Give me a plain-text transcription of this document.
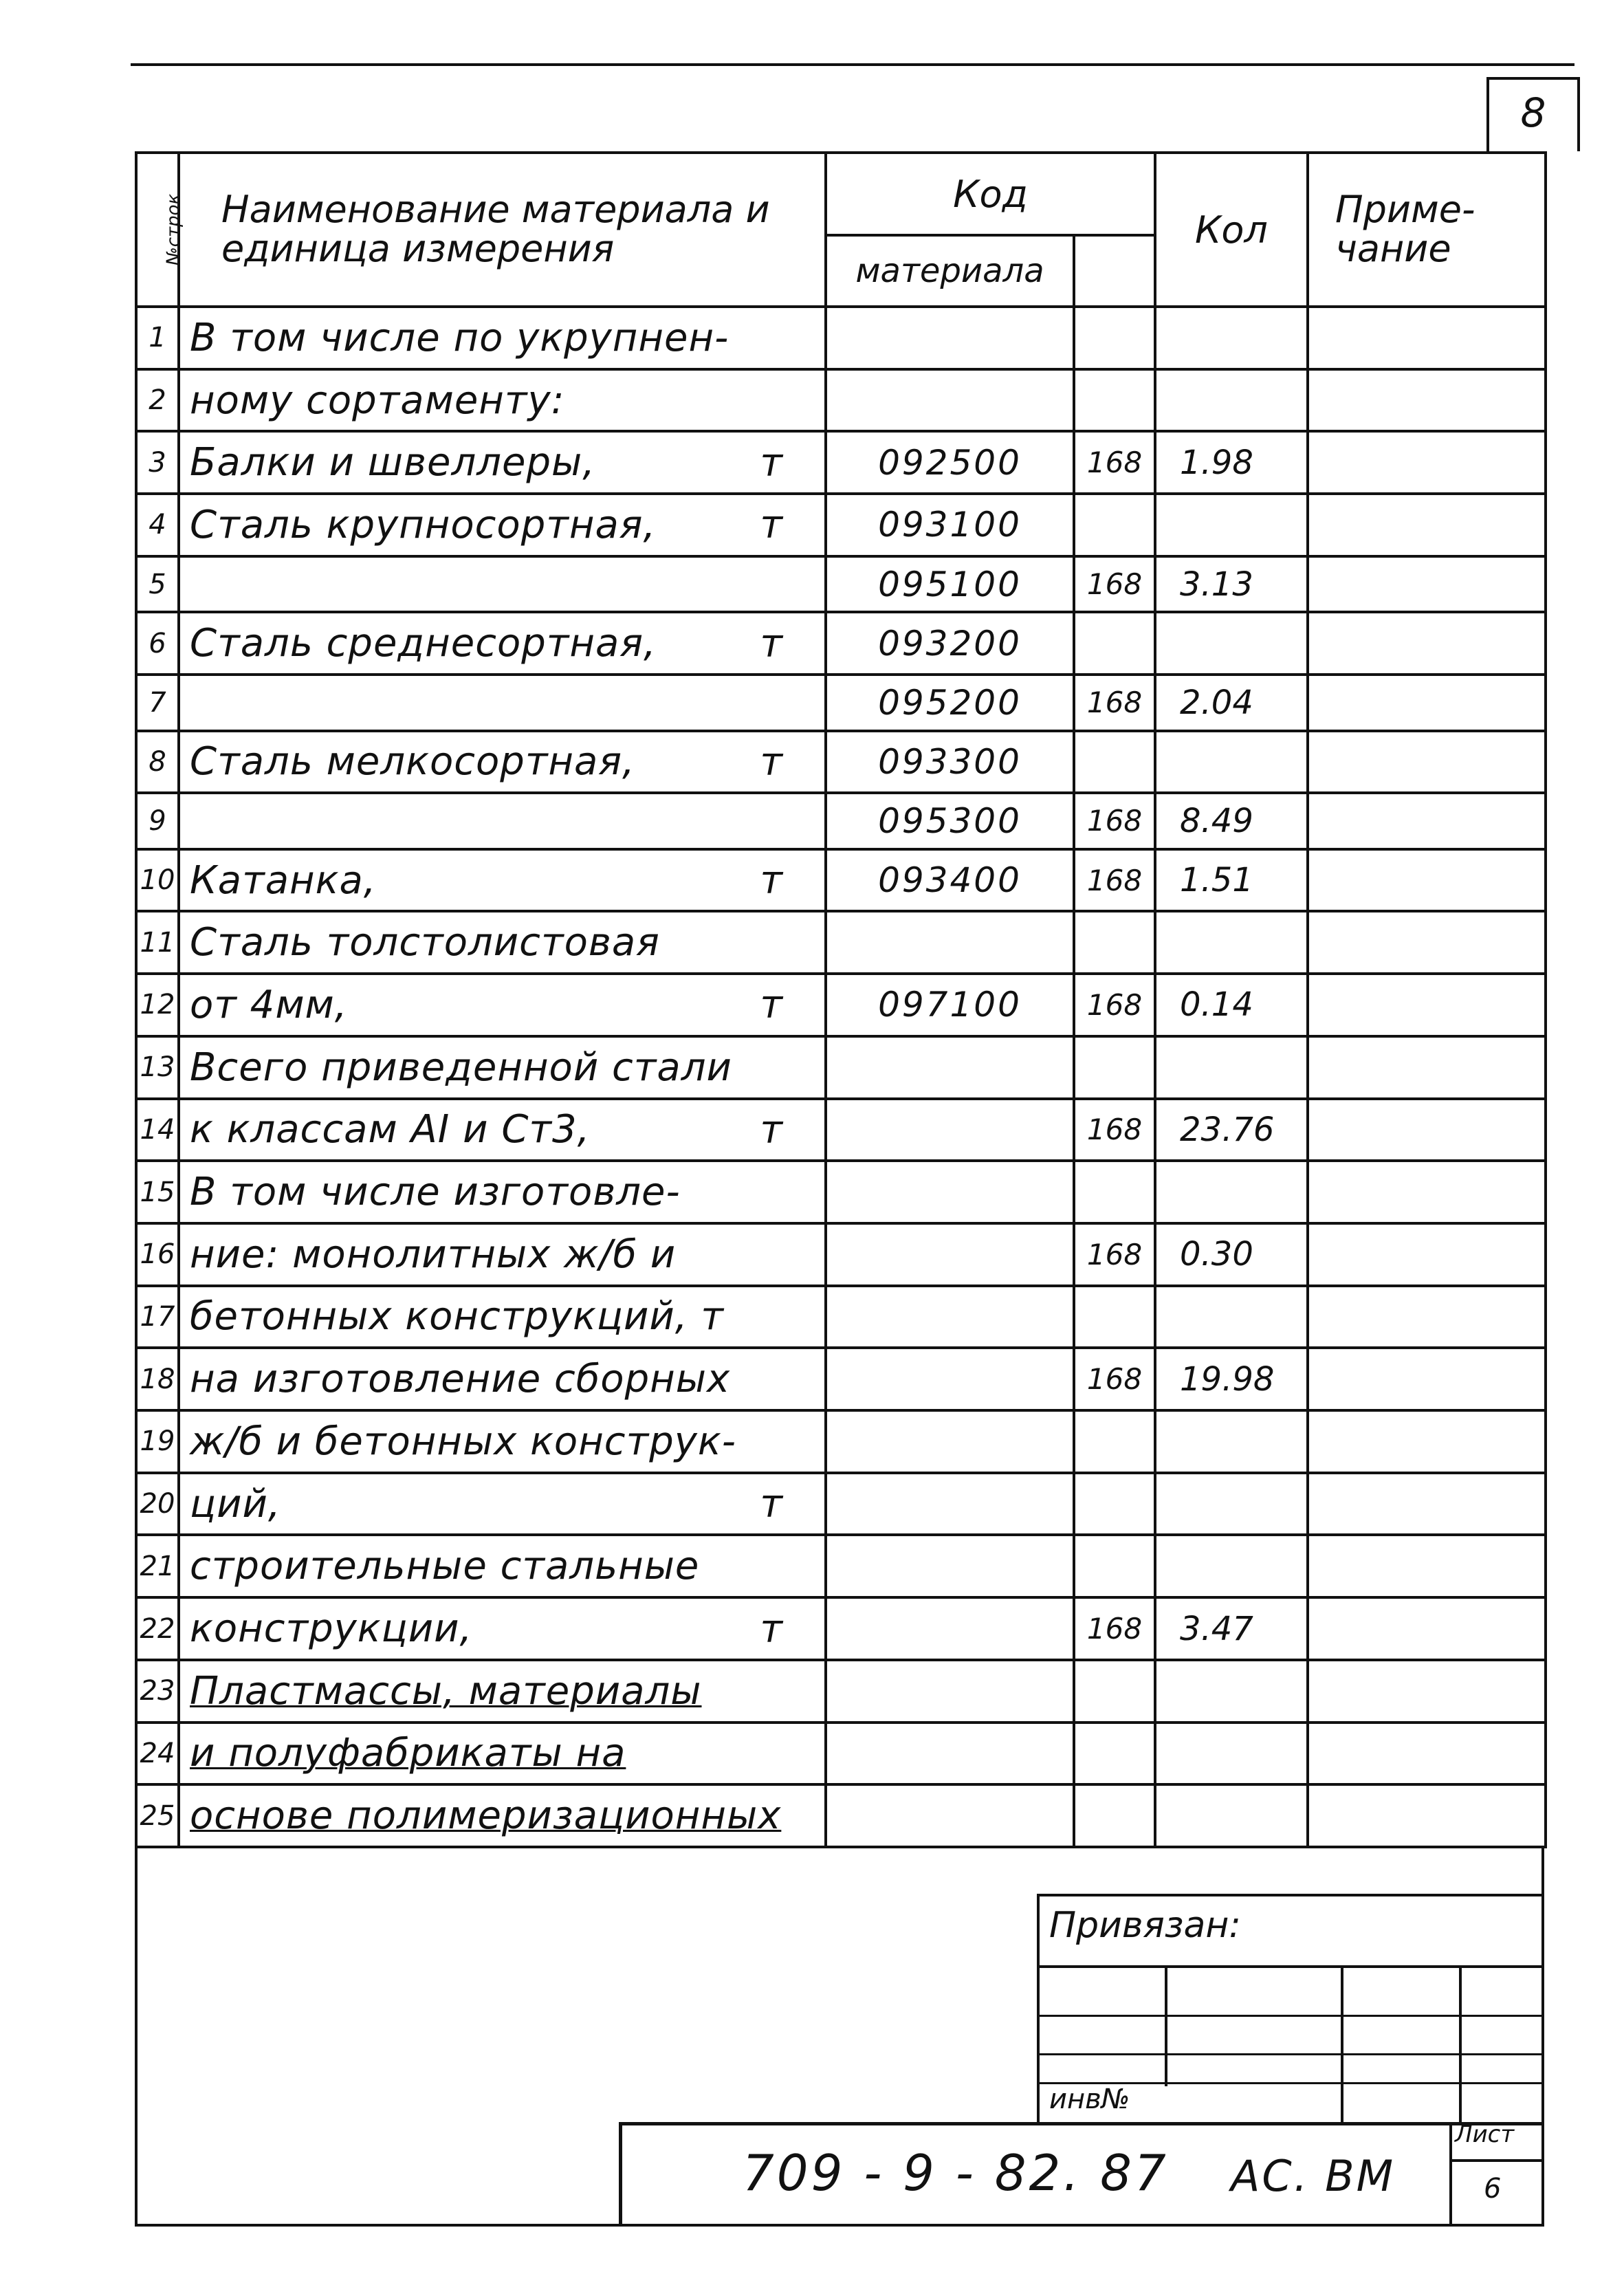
8
№строк	Наименование материала и единица измерения	Код		Кол	Приме-чание
		материала			
1	В том числе по укрупнен-

2	ному сортаменту:

3	Балки и швеллеры, т	092500	168	1.98	
4	Сталь крупносортная, т	093100			
5		095100	168	3.13	
6	Сталь среднесортная, т	093200			
7		095200	168	2.04	
8	Сталь мелкосортная, т	093300			
9		095300	168	8.49	
10	Катанка, т	093400	168	1.51	
11	Сталь толстолистовая

12	от 4мм, т	097100	168	0.14	
13	Всего приведенной стали

14	к классам АⅠ и Ст3, т		168	23.76	
15	В том числе изготовле-

16	ние: монолитных ж/б и		168	0.30	
17	бетонных конструкций, т

18	на изготовление сборных		168	19.98	
19	ж/б и бетонных конструк-

20	ций, т				

21	строительные стальные

22	конструкции, т		168	3.47	
23	Пластмассы, материалы

24	и полуфабрикаты на

25	основе полимеризационных

Привязан:
инв№
709 - 9 - 82. 87 АС. ВМ
Лист
6
